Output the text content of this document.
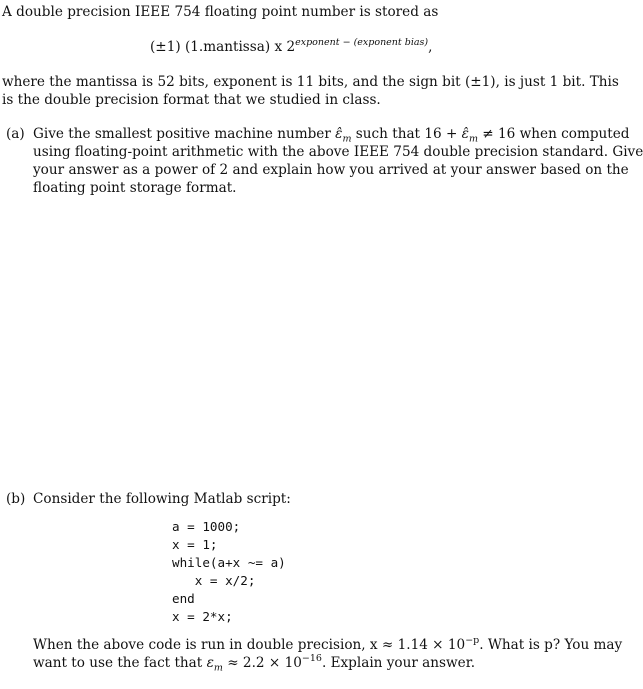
A double precision IEEE 754 floating point number is stored as
(±1) (1.mantissa) x $2^{exponent - (exponent bias)}$,
where the mantissa is 52 bits, exponent is 11 bits, and the sign bit (±1), is just 1 bit. This
is the double precision format that we studied in class.
(a) Give the smallest positive machine number $\varepsilon̂_m$ such that $16 + \varepsilon̂_m \ne 16$ when computed
using floating-point arithmetic with the above IEEE 754 double precision standard. Give
your answer as a power of 2 and explain how you arrived at your answer based on the
floating point storage format.
(b) Consider the following Matlab script:
a = 1000;
x = 1;
while(a+x ~= a)
x = x/2;
end
x = 2*x;
When the above code is run in double precision, $x \approx 1.14 \times 10^{-p}$. What is p? You may
want to use the fact that $\varepsilon_m \approx 2.2 \times 10^{-16}$. Explain your answer.
